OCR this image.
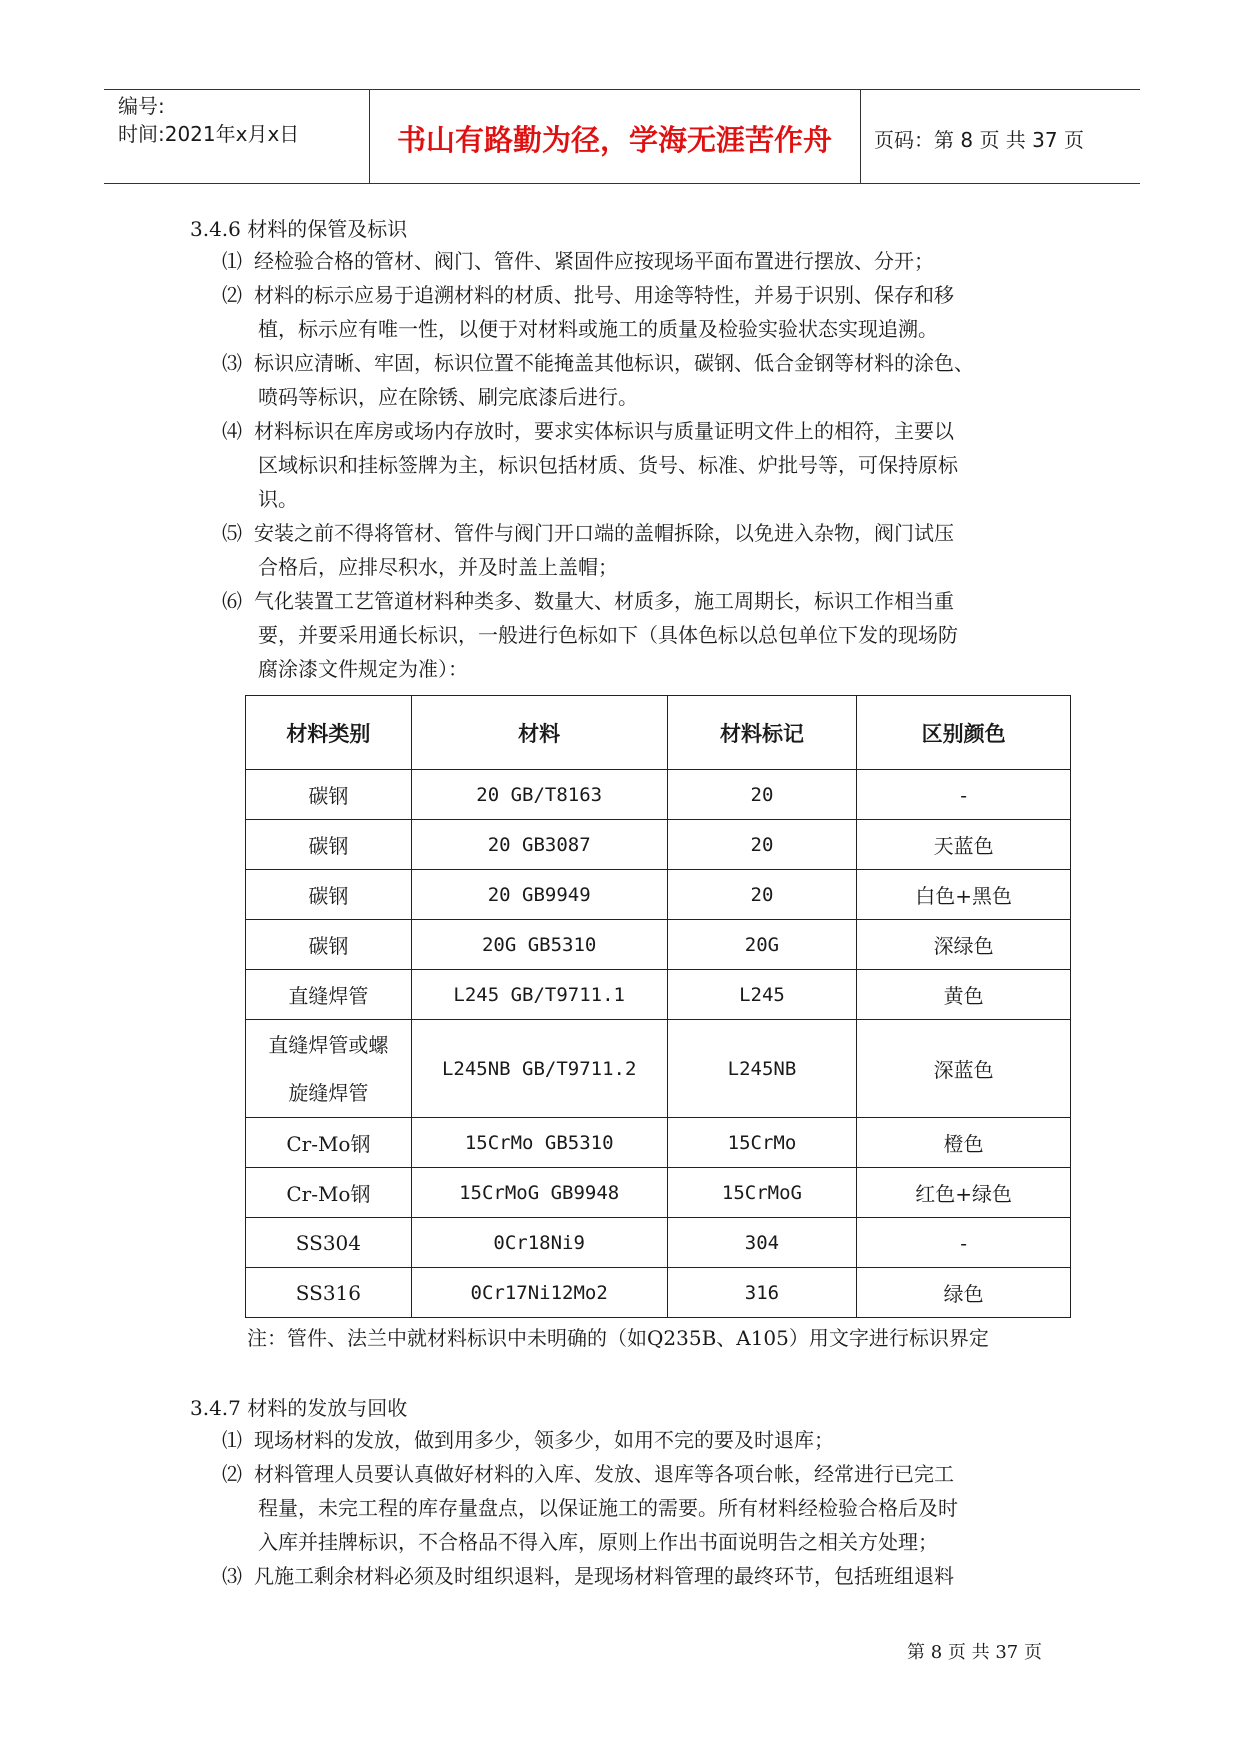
编号:
时间:2021年x月x日	书山有路勤为径，学海无涯苦作舟	页码：第 8 页 共 37 页
3.4.6 材料的保管及标识
⑴ 经检验合格的管材、阀门、管件、紧固件应按现场平面布置进行摆放、分开；
⑵ 材料的标示应易于追溯材料的材质、批号、用途等特性，并易于识别、保存和移
植，标示应有唯一性，以便于对材料或施工的质量及检验实验状态实现追溯。
⑶ 标识应清晰、牢固，标识位置不能掩盖其他标识，碳钢、低合金钢等材料的涂色、
喷码等标识，应在除锈、刷完底漆后进行。
⑷ 材料标识在库房或场内存放时，要求实体标识与质量证明文件上的相符，主要以
区域标识和挂标签牌为主，标识包括材质、货号、标准、炉批号等，可保持原标
识。
⑸ 安装之前不得将管材、管件与阀门开口端的盖帽拆除，以免进入杂物，阀门试压
合格后，应排尽积水，并及时盖上盖帽；
⑹ 气化装置工艺管道材料种类多、数量大、材质多，施工周期长，标识工作相当重
要，并要采用通长标识，一般进行色标如下（具体色标以总包单位下发的现场防
腐涂漆文件规定为准）：
材料类别	材料	材料标记	区别颜色
碳钢	20 GB/T8163	20	-
碳钢	20 GB3087	20	天蓝色
碳钢	20 GB9949	20	白色+黑色
碳钢	20G GB5310	20G	深绿色
直缝焊管	L245 GB/T9711.1	L245	黄色

直缝焊管或螺
旋缝焊管	L245NB GB/T9711.2	L245NB	深蓝色
Cr-Mo钢	15CrMo GB5310	15CrMo	橙色
Cr-Mo钢	15CrMoG GB9948	15CrMoG	红色+绿色
SS304	0Cr18Ni9	304	-
SS316	0Cr17Ni12Mo2	316	绿色
注：管件、法兰中就材料标识中未明确的（如Q235B、A105）用文字进行标识界定
3.4.7 材料的发放与回收
⑴ 现场材料的发放，做到用多少，领多少，如用不完的要及时退库；
⑵ 材料管理人员要认真做好材料的入库、发放、退库等各项台帐，经常进行已完工
程量，未完工程的库存量盘点，以保证施工的需要。所有材料经检验合格后及时
入库并挂牌标识，不合格品不得入库，原则上作出书面说明告之相关方处理；
⑶ 凡施工剩余材料必须及时组织退料，是现场材料管理的最终环节，包括班组退料
第 8 页 共 37 页
